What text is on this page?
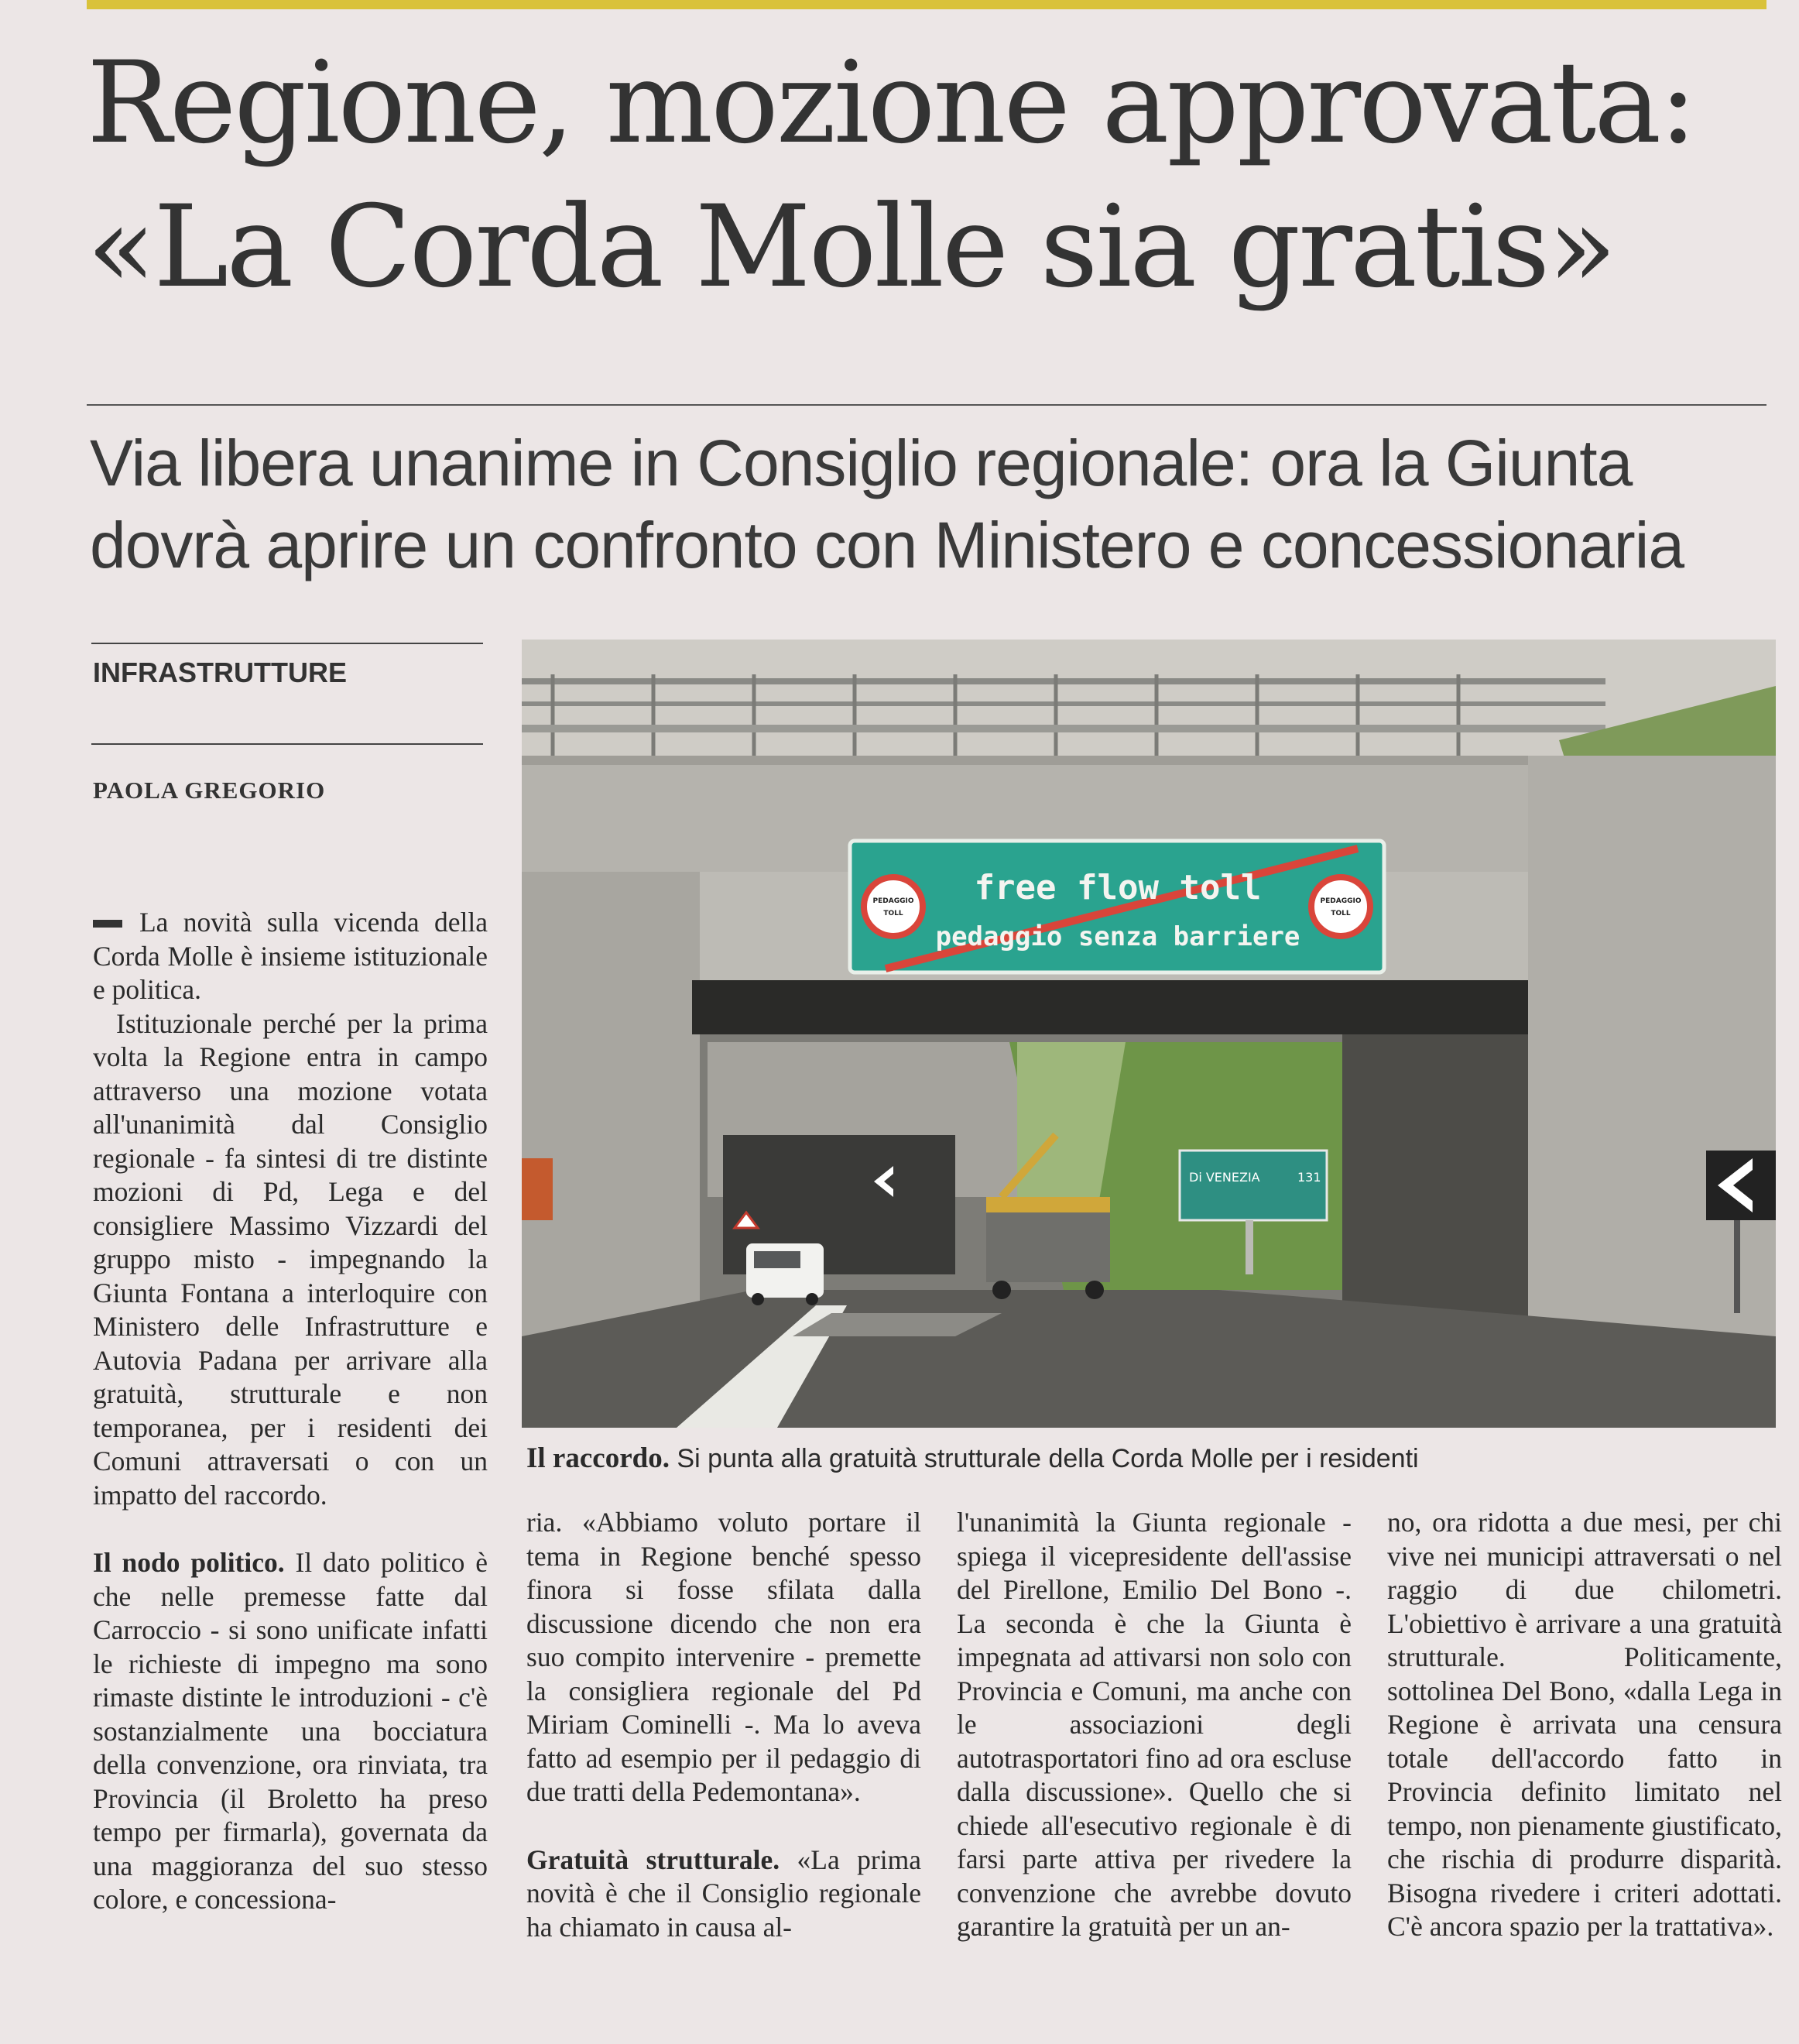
Regione, mozione approvata:
«La Corda Molle sia gratis»
Via libera unanime in Consiglio regionale: ora la Giunta
dovrà aprire un confronto con Ministero e concessionaria
INFRASTRUTTURE
PAOLA GREGORIO

La novità sulla vicenda della Corda Molle è insieme istituzionale e politica.

Istituzionale perché per la prima volta la Regione entra in campo attraverso una mozione votata all'unanimità dal Consiglio regionale - fa sintesi di tre distinte mozioni di Pd, Lega e del consigliere Massimo Vizzardi del gruppo misto - impegnando la Giunta Fontana a interloquire con Ministero delle Infrastrutture e Autovia Padana per arrivare alla gratuità, strutturale e non temporanea, per i residenti dei Comuni attraversati o con un impatto del raccordo.

Il nodo politico. Il dato politico è che nelle premesse fatte dal Carroccio - si sono unificate infatti le richieste di impegno ma sono rimaste distinte le introduzioni - c'è sostanzialmente una bocciatura della convenzione, ora rinviata, tra Provincia (il Broletto ha preso tempo per firmarla), governata da una maggioranza del suo stesso colore, e concessiona-

Di VENEZIA	131
PEDAGGIO
TOLL
PEDAGGIO
TOLL
free flow toll
pedaggio senza barriere
Il raccordo. Si punta alla gratuità strutturale della Corda Molle per i residenti

ria. «Abbiamo voluto portare il tema in Regione benché spesso finora si fosse sfilata dalla discussione dicendo che non era suo compito intervenire - premette la consigliera regionale del Pd Miriam Cominelli -. Ma lo aveva fatto ad esempio per il pedaggio di due tratti della Pedemontana».

Gratuità strutturale. «La prima novità è che il Consiglio regionale ha chiamato in causa al-

l'unanimità la Giunta regionale - spiega il vicepresidente dell'assise del Pirellone, Emilio Del Bono -. La seconda è che la Giunta è impegnata ad attivarsi non solo con Provincia e Comuni, ma anche con le associazioni degli autotrasportatori fino ad ora escluse dalla discussione». Quello che si chiede all'esecutivo regionale è di farsi parte attiva per rivedere la convenzione che avrebbe dovuto garantire la gratuità per un an-

no, ora ridotta a due mesi, per chi vive nei municipi attraversati o nel raggio di due chilometri. L'obiettivo è arrivare a una gratuità strutturale. Politicamente, sottolinea Del Bono, «dalla Lega in Regione è arrivata una censura totale dell'accordo fatto in Provincia definito limitato nel tempo, non pienamente giustificato, che rischia di produrre disparità. Bisogna rivedere i criteri adottati. C'è ancora spazio per la trattativa».
